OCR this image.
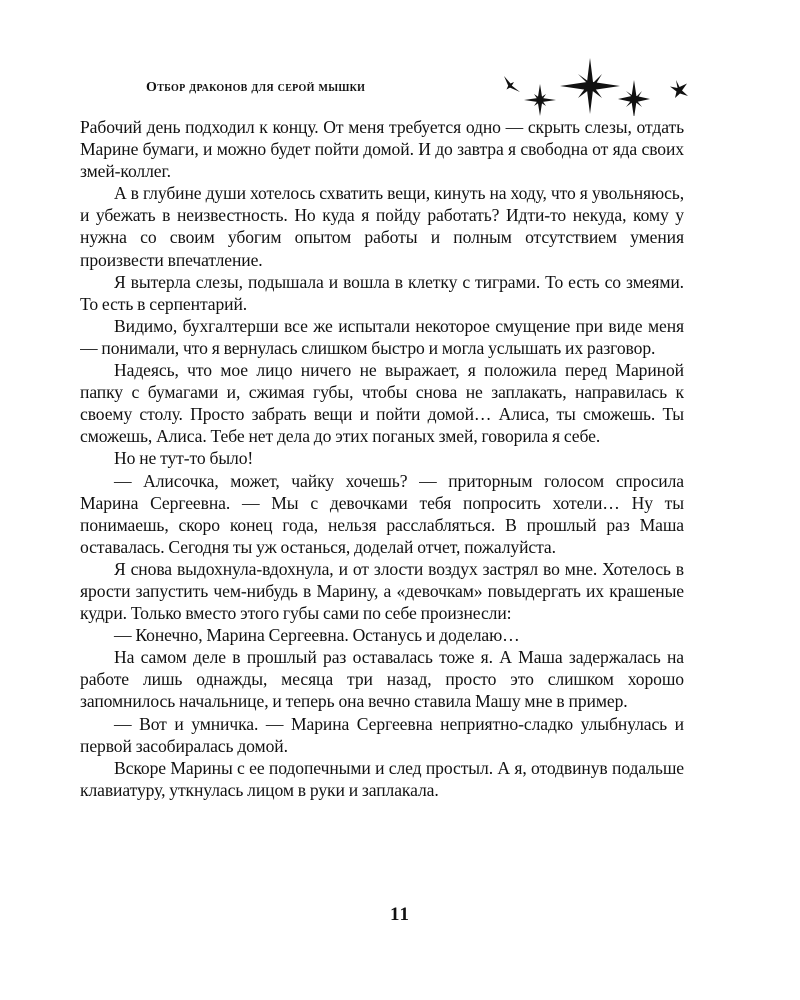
Отбор драконов для серой мышки

Рабочий день подходил к концу. От меня требуется одно — скрыть слезы, отдать Марине бумаги, и можно будет пойти домой. И до завтра я свободна от яда своих змей-коллег.

А в глубине души хотелось схватить вещи, кинуть на ходу, что я увольняюсь, и убежать в неизвестность. Но куда я пойду работать? Идти-то некуда, кому у нужна со своим убогим опытом работы и полным отсутствием умения произвести впечатление.

Я вытерла слезы, подышала и вошла в клетку с тиграми. То есть со змеями. То есть в серпентарий.

Видимо, бухгалтерши все же испытали некоторое смущение при виде меня — понимали, что я вернулась слишком быстро и могла услышать их разговор.

Надеясь, что мое лицо ничего не выражает, я положила перед Мариной папку с бумагами и, сжимая губы, чтобы снова не заплакать, направилась к своему столу. Просто забрать вещи и пойти домой… Алиса, ты сможешь. Ты сможешь, Алиса. Тебе нет дела до этих поганых змей, говорила я себе.

Но не тут-то было!

— Алисочка, может, чайку хочешь? — приторным голосом спросила Марина Сергеевна. — Мы с девочками тебя попросить хотели… Ну ты понимаешь, скоро конец года, нельзя расслабляться. В прошлый раз Маша оставалась. Сегодня ты уж останься, доделай отчет, пожалуйста.

Я снова выдохнула-вдохнула, и от злости воздух застрял во мне. Хотелось в ярости запустить чем-нибудь в Марину, а «девочкам» повыдергать их крашеные кудри. Только вместо этого губы сами по себе произнесли:

— Конечно, Марина Сергеевна. Останусь и доделаю…

На самом деле в прошлый раз оставалась тоже я. А Маша задержалась на работе лишь однажды, месяца три назад, просто это слишком хорошо запомнилось начальнице, и теперь она вечно ставила Машу мне в пример.

— Вот и умничка. — Марина Сергеевна неприятно-сладко улыбнулась и первой засобиралась домой.

Вскоре Марины с ее подопечными и след простыл. А я, отодвинув подальше клавиатуру, уткнулась лицом в руки и заплакала.

11
